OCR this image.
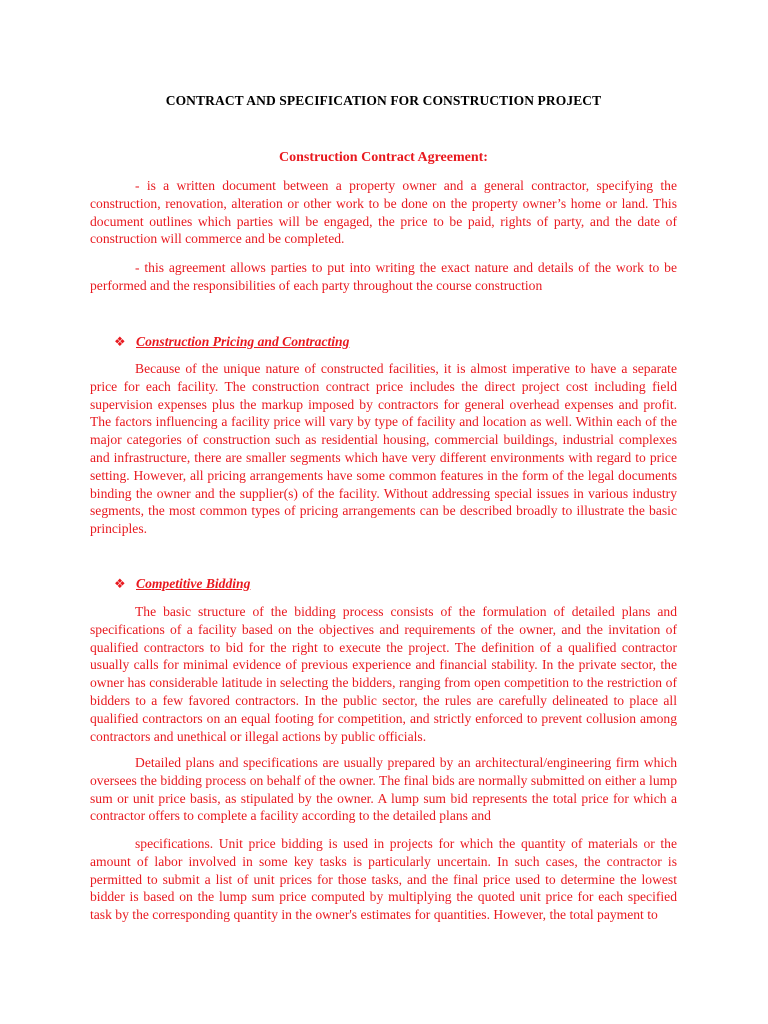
CONTRACT AND SPECIFICATION FOR CONSTRUCTION PROJECT
Construction Contract Agreement:

- is a written document between a property owner and a general contractor, specifying the construction, renovation, alteration or other work to be done on the property owner’s home or land. This document outlines which parties will be engaged, the price to be paid, rights of party, and the date of construction will commerce and be completed.

- this agreement allows parties to put into writing the exact nature and details of the work to be performed and the responsibilities of each party throughout the course construction

❖ Construction Pricing and Contracting

Because of the unique nature of constructed facilities, it is almost imperative to have a separate price for each facility. The construction contract price includes the direct project cost including field supervision expenses plus the markup imposed by contractors for general overhead expenses and profit. The factors influencing a facility price will vary by type of facility and location as well. Within each of the major categories of construction such as residential housing, commercial buildings, industrial complexes and infrastructure, there are smaller segments which have very different environments with regard to price setting. However, all pricing arrangements have some common features in the form of the legal documents binding the owner and the supplier(s) of the facility. Without addressing special issues in various industry segments, the most common types of pricing arrangements can be described broadly to illustrate the basic principles.

❖ Competitive Bidding

The basic structure of the bidding process consists of the formulation of detailed plans and specifications of a facility based on the objectives and requirements of the owner, and the invitation of qualified contractors to bid for the right to execute the project. The definition of a qualified contractor usually calls for minimal evidence of previous experience and financial stability. In the private sector, the owner has considerable latitude in selecting the bidders, ranging from open competition to the restriction of bidders to a few favored contractors. In the public sector, the rules are carefully delineated to place all qualified contractors on an equal footing for competition, and strictly enforced to prevent collusion among contractors and unethical or illegal actions by public officials.

Detailed plans and specifications are usually prepared by an architectural/engineering firm which oversees the bidding process on behalf of the owner. The final bids are normally submitted on either a lump sum or unit price basis, as stipulated by the owner. A lump sum bid represents the total price for which a contractor offers to complete a facility according to the detailed plans and

specifications. Unit price bidding is used in projects for which the quantity of materials or the amount of labor involved in some key tasks is particularly uncertain. In such cases, the contractor is permitted to submit a list of unit prices for those tasks, and the final price used to determine the lowest bidder is based on the lump sum price computed by multiplying the quoted unit price for each specified task by the corresponding quantity in the owner's estimates for quantities. However, the total payment to
